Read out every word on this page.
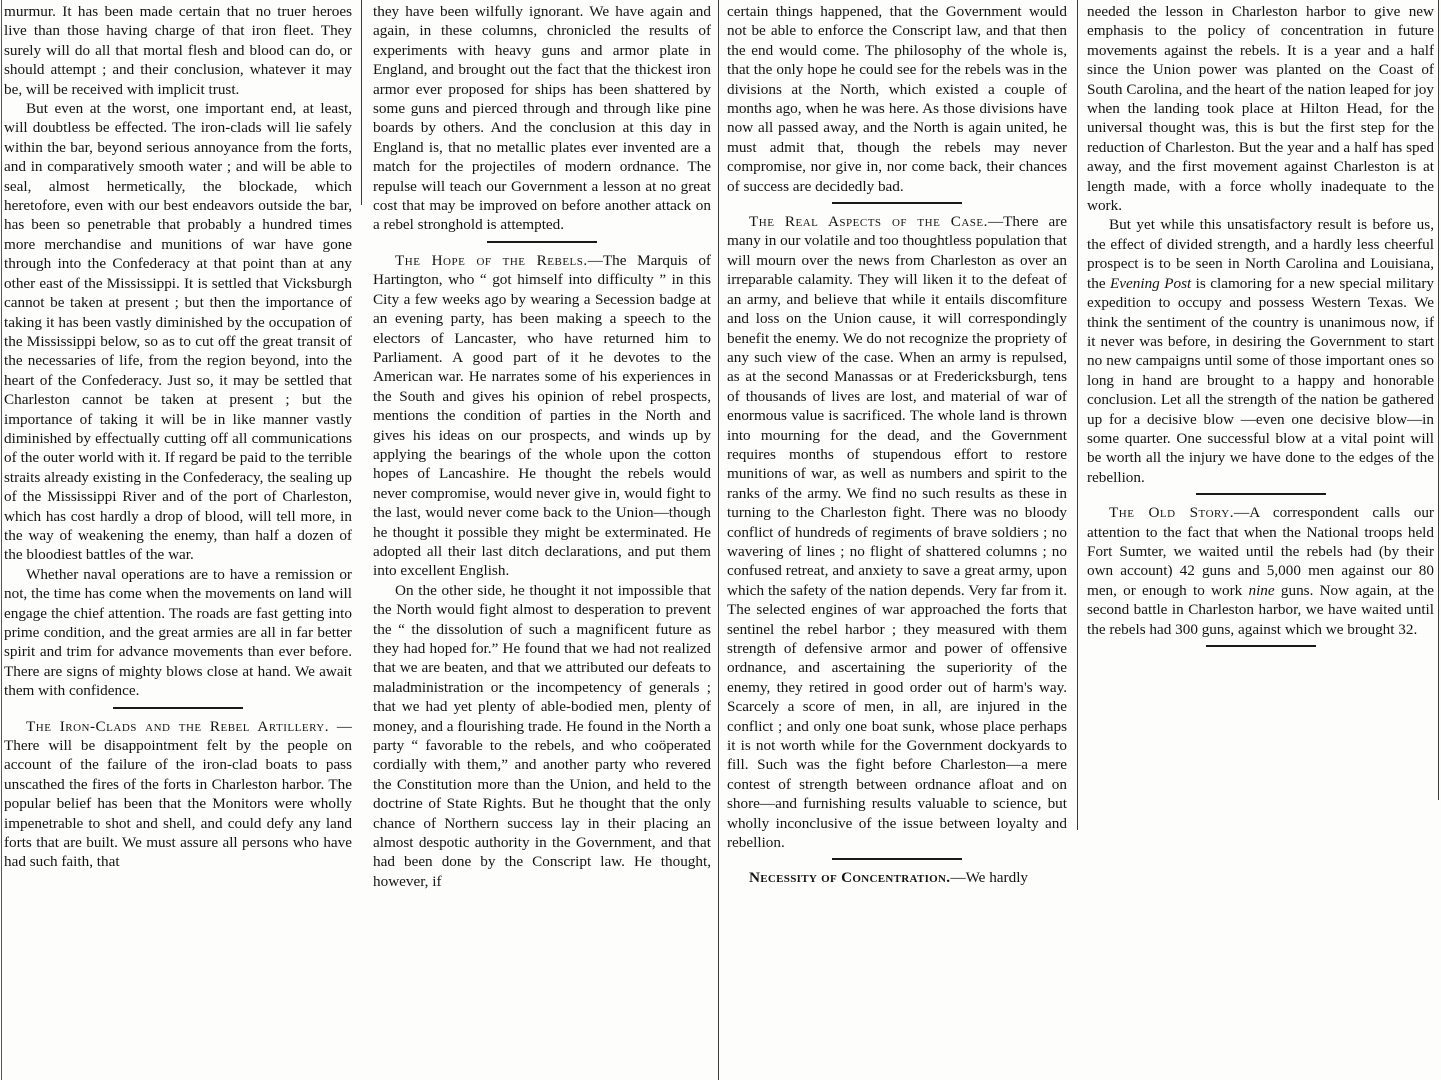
murmur. It has been made certain that no truer heroes live than those having charge of that iron fleet. They surely will do all that mortal flesh and blood can do, or should attempt ; and their conclusion, whatever it may be, will be received with implicit trust.

But even at the worst, one important end, at least, will doubtless be effected. The iron-clads will lie safely within the bar, beyond serious annoyance from the forts, and in comparatively smooth water ; and will be able to seal, almost hermetically, the blockade, which heretofore, even with our best endeavors outside the bar, has been so penetrable that probably a hundred times more merchandise and munitions of war have gone through into the Confederacy at that point than at any other east of the Mississippi. It is settled that Vicksburgh cannot be taken at present ; but then the importance of taking it has been vastly diminished by the occupation of the Mississippi below, so as to cut off the great transit of the necessaries of life, from the region beyond, into the heart of the Confederacy. Just so, it may be settled that Charleston cannot be taken at present ; but the importance of taking it will be in like manner vastly diminished by effectually cutting off all communications of the outer world with it. If regard be paid to the terrible straits already existing in the Confederacy, the sealing up of the Mississippi River and of the port of Charleston, which has cost hardly a drop of blood, will tell more, in the way of weakening the enemy, than half a dozen of the bloodiest battles of the war.

Whether naval operations are to have a remission or not, the time has come when the movements on land will engage the chief attention. The roads are fast getting into prime condition, and the great armies are all in far better spirit and trim for advance movements than ever before. There are signs of mighty blows close at hand. We await them with confidence.

The Iron-Clads and the Rebel Artillery. —There will be disappointment felt by the people on account of the failure of the iron-clad boats to pass unscathed the fires of the forts in Charleston harbor. The popular belief has been that the Monitors were wholly impenetrable to shot and shell, and could defy any land forts that are built. We must assure all persons who have had such faith, that

they have been wilfully ignorant. We have again and again, in these columns, chronicled the results of experiments with heavy guns and armor plate in England, and brought out the fact that the thickest iron armor ever proposed for ships has been shattered by some guns and pierced through and through like pine boards by others. And the conclusion at this day in England is, that no metallic plates ever invented are a match for the projectiles of modern ordnance. The repulse will teach our Government a lesson at no great cost that may be improved on before another attack on a rebel stronghold is attempted.

The Hope of the Rebels.—The Marquis of Hartington, who “ got himself into difficulty ” in this City a few weeks ago by wearing a Secession badge at an evening party, has been making a speech to the electors of Lancaster, who have returned him to Parliament. A good part of it he devotes to the American war. He narrates some of his experiences in the South and gives his opinion of rebel prospects, mentions the condition of parties in the North and gives his ideas on our prospects, and winds up by applying the bearings of the whole upon the cotton hopes of Lancashire. He thought the rebels would never compromise, would never give in, would fight to the last, would never come back to the Union—though he thought it possible they might be exterminated. He adopted all their last ditch declarations, and put them into excellent English.

On the other side, he thought it not impossible that the North would fight almost to desperation to prevent the “ the dissolution of such a magnificent future as they had hoped for.” He found that we had not realized that we are beaten, and that we attributed our defeats to maladministration or the incompetency of generals ; that we had yet plenty of able-bodied men, plenty of money, and a flourishing trade. He found in the North a party “ favorable to the rebels, and who coöperated cordially with them,” and another party who revered the Constitution more than the Union, and held to the doctrine of State Rights. But he thought that the only chance of Northern success lay in their placing an almost despotic authority in the Government, and that had been done by the Conscript law. He thought, however, if

certain things happened, that the Government would not be able to enforce the Conscript law, and that then the end would come. The philosophy of the whole is, that the only hope he could see for the rebels was in the divisions at the North, which existed a couple of months ago, when he was here. As those divisions have now all passed away, and the North is again united, he must admit that, though the rebels may never compromise, nor give in, nor come back, their chances of success are decidedly bad.

The Real Aspects of the Case.—There are many in our volatile and too thoughtless population that will mourn over the news from Charleston as over an irreparable calamity. They will liken it to the defeat of an army, and believe that while it entails discomfiture and loss on the Union cause, it will correspondingly benefit the enemy. We do not recognize the propriety of any such view of the case. When an army is repulsed, as at the second Manassas or at Fredericksburgh, tens of thousands of lives are lost, and material of war of enormous value is sacrificed. The whole land is thrown into mourning for the dead, and the Government requires months of stupendous effort to restore munitions of war, as well as numbers and spirit to the ranks of the army. We find no such results as these in turning to the Charleston fight. There was no bloody conflict of hundreds of regiments of brave soldiers ; no wavering of lines ; no flight of shattered columns ; no confused retreat, and anxiety to save a great army, upon which the safety of the nation depends. Very far from it. The selected engines of war approached the forts that sentinel the rebel harbor ; they measured with them strength of defensive armor and power of offensive ordnance, and ascertaining the superiority of the enemy, they retired in good order out of harm's way. Scarcely a score of men, in all, are injured in the conflict ; and only one boat sunk, whose place perhaps it is not worth while for the Government dockyards to fill. Such was the fight before Charleston—a mere contest of strength between ordnance afloat and on shore—and furnishing results valuable to science, but wholly inconclusive of the issue between loyalty and rebellion.

Necessity of Concentration.—We hardly

needed the lesson in Charleston harbor to give new emphasis to the policy of concentration in future movements against the rebels. It is a year and a half since the Union power was planted on the Coast of South Carolina, and the heart of the nation leaped for joy when the landing took place at Hilton Head, for the universal thought was, this is but the first step for the reduction of Charleston. But the year and a half has sped away, and the first movement against Charleston is at length made, with a force wholly inadequate to the work.

But yet while this unsatisfactory result is before us, the effect of divided strength, and a hardly less cheerful prospect is to be seen in North Carolina and Louisiana, the Evening Post is clamoring for a new special military expedition to occupy and possess Western Texas. We think the sentiment of the country is unanimous now, if it never was before, in desiring the Government to start no new campaigns until some of those important ones so long in hand are brought to a happy and honorable conclusion. Let all the strength of the nation be gathered up for a decisive blow —even one decisive blow—in some quarter. One successful blow at a vital point will be worth all the injury we have done to the edges of the rebellion.

The Old Story.—A correspondent calls our attention to the fact that when the National troops held Fort Sumter, we waited until the rebels had (by their own account) 42 guns and 5,000 men against our 80 men, or enough to work nine guns. Now again, at the second battle in Charleston harbor, we have waited until the rebels had 300 guns, against which we brought 32.
